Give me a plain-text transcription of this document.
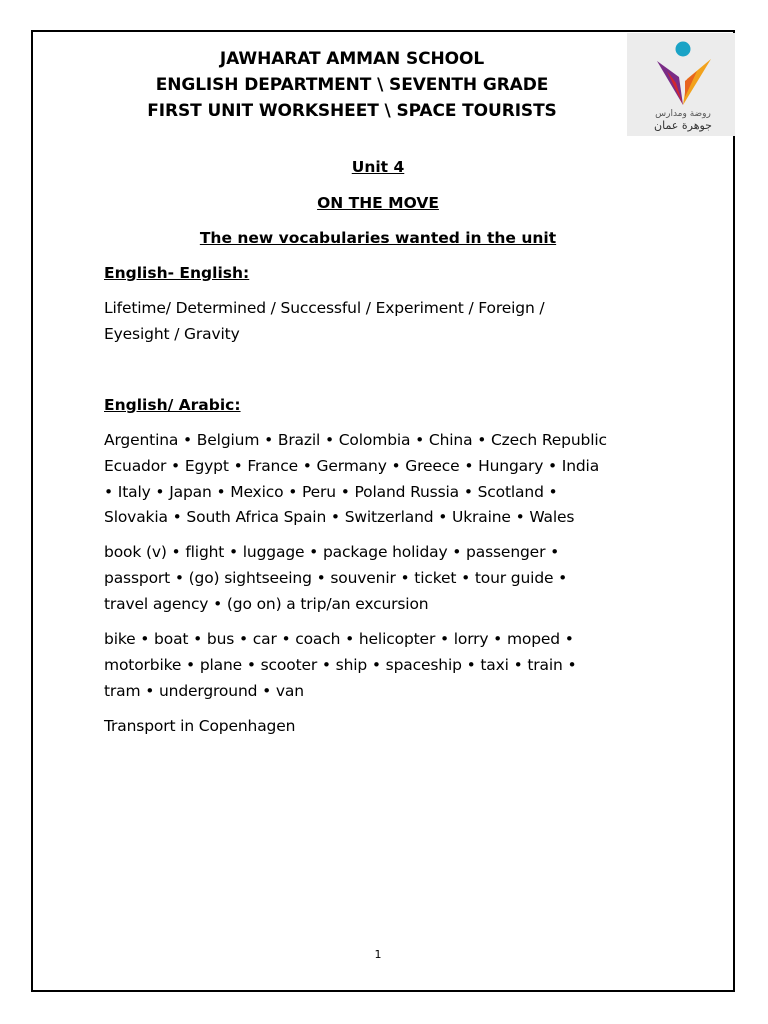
JAWHARAT AMMAN SCHOOL
ENGLISH DEPARTMENT \ SEVENTH GRADE
FIRST UNIT WORKSHEET \ SPACE TOURISTS	روضة ومدارس
جوهرة عمان
Unit 4
ON THE MOVE
The new vocabularies wanted in the unit
English- English:
Lifetime/ Determined / Successful / Experiment / Foreign /
Eyesight / Gravity
English/ Arabic:
Argentina • Belgium • Brazil • Colombia • China • Czech Republic
Ecuador • Egypt • France • Germany • Greece • Hungary • India
• Italy • Japan • Mexico • Peru • Poland Russia • Scotland •
Slovakia • South Africa Spain • Switzerland • Ukraine • Wales
book (v) • flight • luggage • package holiday • passenger •
passport • (go) sightseeing • souvenir • ticket • tour guide •
travel agency • (go on) a trip/an excursion
bike • boat • bus • car • coach • helicopter • lorry • moped •
motorbike • plane • scooter • ship • spaceship • taxi • train •
tram • underground • van
Transport in Copenhagen
1
